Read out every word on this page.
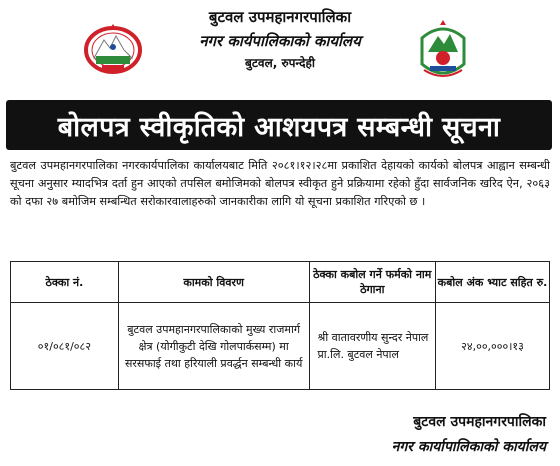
बुटवल उपमहानगरपालिका
नगर कार्यपालिकाको कार्यालय
बुटवल, रुपन्देही
बोलपत्र स्वीकृतिको आशयपत्र सम्बन्धी सूचना
बुटवल उपमहानगरपालिका नगरकार्यपालिका कार्यालयबाट मिति २०८१।१२।२८मा प्रकाशित देहायको कार्यको बोलपत्र आह्वान सम्बन्धी सूचना अनुसार म्यादभित्र दर्ता हुन आएको तपसिल बमोजिमको बोलपत्र स्वीकृत हुने प्रक्रियामा रहेको हुँदा सार्वजनिक खरिद ऐन, २०६३ को दफा २७ बमोजिम सम्बन्धित सरोकारवालाहरुको जानकारीका लागि यो सूचना प्रकाशित गरिएको छ ।
ठेक्का नं.	कामको विवरण	ठेक्का कबोल गर्ने फर्मको नाम ठेगाना	कबोल अंक भ्याट सहित रु.
०१/०८१/०८२	बुटवल उपमहानगरपालिकाको मुख्य राजमार्ग क्षेत्र (योगीकुटी देखि गोलपार्कसम्म) मा सरसफाई तथा हरियाली प्रवर्द्धन सम्बन्धी कार्य	श्री वातावरणीय सुन्दर नेपाल प्रा.लि. बुटवल नेपाल	२४,००,०००।१३
बुटवल उपमहानगरपालिका
नगर कार्यापालिकाको कार्यालय
